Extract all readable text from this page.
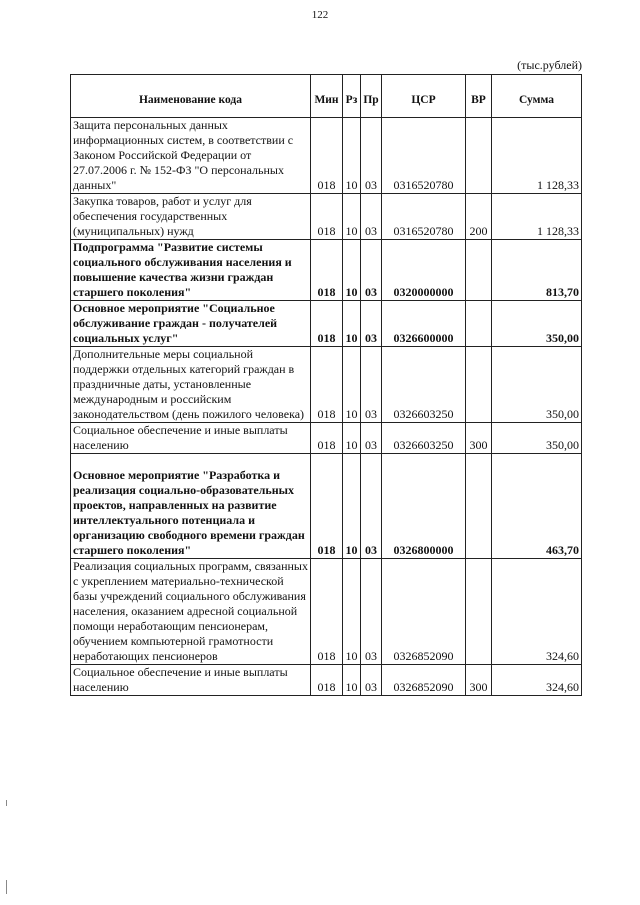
122
(тыс.рублей)
Наименование кода	Мин	Рз	Пр	ЦСР	ВР	Сумма
Защита персональных данных информационных систем, в соответствии с Законом Российской Федерации от 27.07.2006 г. № 152-ФЗ "О персональных данных"	018	10	03	0316520780		1 128,33
Закупка товаров, работ и услуг для обеспечения государственных (муниципальных) нужд	018	10	03	0316520780	200	1 128,33
Подпрограмма "Развитие системы социального обслуживания населения и повышение качества жизни граждан старшего поколения"	018	10	03	0320000000		813,70
Основное мероприятие "Социальное обслуживание граждан - получателей социальных услуг"	018	10	03	0326600000		350,00
Дополнительные меры социальной поддержки отдельных категорий граждан в праздничные даты, установленные международным и российским законодательством (день пожилого человека)	018	10	03	0326603250		350,00
Социальное обеспечение и иные выплаты населению	018	10	03	0326603250	300	350,00
Основное мероприятие "Разработка и реализация социально-образовательных проектов, направленных на развитие интеллектуального потенциала и организацию свободного времени граждан старшего поколения"	018	10	03	0326800000		463,70
Реализация социальных программ, связанных с укреплением материально-технической базы учреждений социального обслуживания населения, оказанием адресной социальной помощи неработающим пенсионерам, обучением компьютерной грамотности неработающих пенсионеров	018	10	03	0326852090		324,60
Социальное обеспечение и иные выплаты населению	018	10	03	0326852090	300	324,60
